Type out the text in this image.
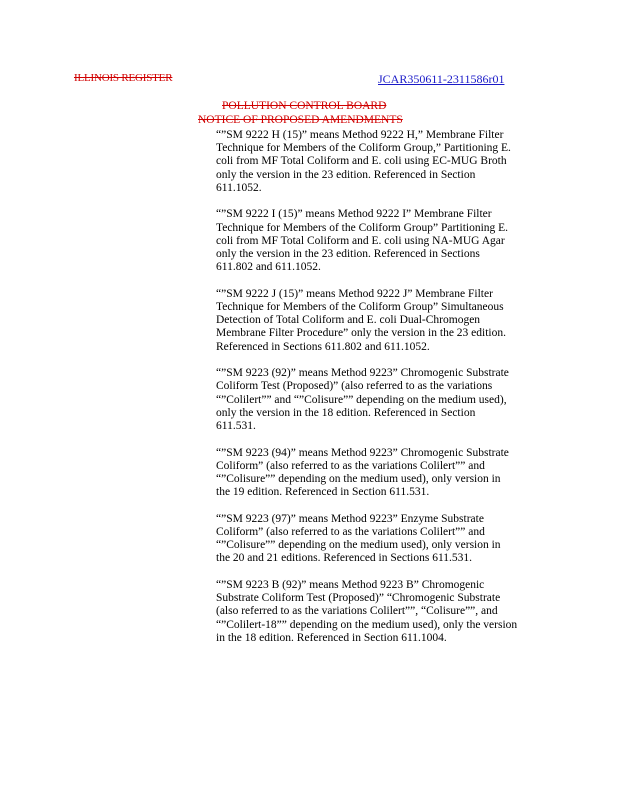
ILLINOIS REGISTER	JCAR350611-2311586r01
POLLUTION CONTROL BOARD
NOTICE OF PROPOSED AMENDMENTS
“”SM 9222 H (15)” means Method 9222 H,” Membrane Filter
Technique for Members of the Coliform Group,” Partitioning E.
coli from MF Total Coliform and E. coli using EC-MUG Broth
only the version in the 23 edition. Referenced in Section
611.1052.
“”SM 9222 I (15)” means Method 9222 I” Membrane Filter
Technique for Members of the Coliform Group” Partitioning E.
coli from MF Total Coliform and E. coli using NA-MUG Agar
only the version in the 23 edition. Referenced in Sections
611.802 and 611.1052.
“”SM 9222 J (15)” means Method 9222 J” Membrane Filter
Technique for Members of the Coliform Group” Simultaneous
Detection of Total Coliform and E. coli Dual-Chromogen
Membrane Filter Procedure” only the version in the 23 edition.
Referenced in Sections 611.802 and 611.1052.
“”SM 9223 (92)” means Method 9223” Chromogenic Substrate
Coliform Test (Proposed)” (also referred to as the variations
“”Colilert”” and “”Colisure”” depending on the medium used),
only the version in the 18 edition. Referenced in Section
611.531.
“”SM 9223 (94)” means Method 9223” Chromogenic Substrate
Coliform” (also referred to as the variations Colilert”” and
“”Colisure”” depending on the medium used), only version in
the 19 edition. Referenced in Section 611.531.
“”SM 9223 (97)” means Method 9223” Enzyme Substrate
Coliform” (also referred to as the variations Colilert”” and
“”Colisure”” depending on the medium used), only version in
the 20 and 21 editions. Referenced in Sections 611.531.
“”SM 9223 B (92)” means Method 9223 B” Chromogenic
Substrate Coliform Test (Proposed)” “Chromogenic Substrate
(also referred to as the variations Colilert””, “Colisure””, and
“”Colilert-18”” depending on the medium used), only the version
in the 18 edition. Referenced in Section 611.1004.
